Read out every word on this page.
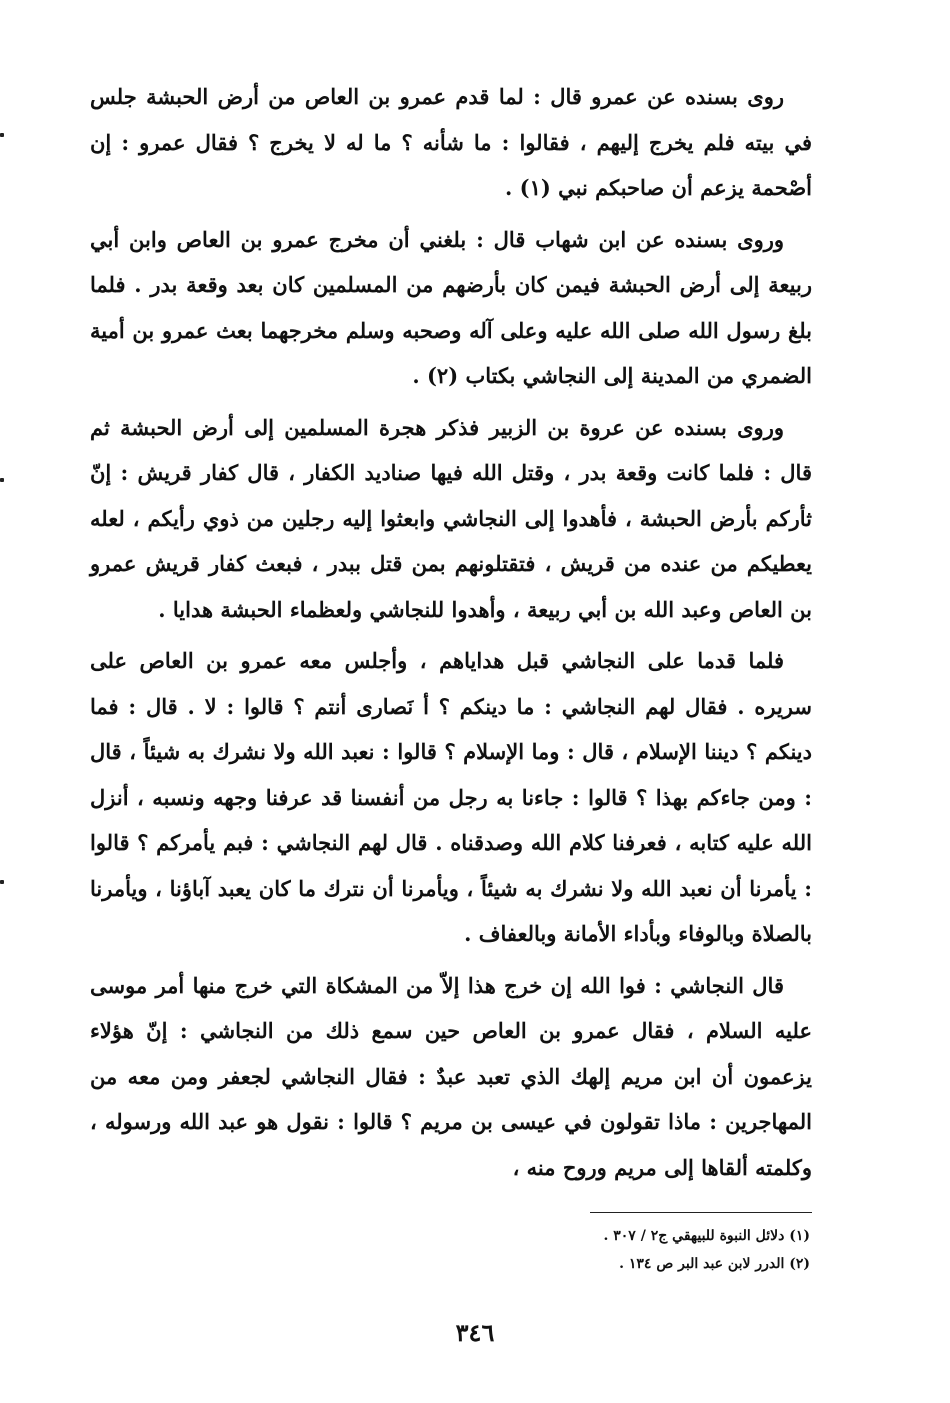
روى بسنده عن عمرو قال : لما قدم عمرو بن العاص من أرض الحبشة جلس في بيته فلم يخرج إليهم ، فقالوا : ما شأنه ؟ ما له لا يخرج ؟ فقال عمرو : إن أصْحمة يزعم أن صاحبكم نبي (١) .

وروى بسنده عن ابن شهاب قال : بلغني أن مخرج عمرو بن العاص وابن أبي ربيعة إلى أرض الحبشة فيمن كان بأرضهم من المسلمين كان بعد وقعة بدر . فلما بلغ رسول الله صلى الله عليه وعلى آله وصحبه وسلم مخرجهما بعث عمرو بن أمية الضمري من المدينة إلى النجاشي بكتاب (٢) .

وروى بسنده عن عروة بن الزبير فذكر هجرة المسلمين إلى أرض الحبشة ثم قال : فلما كانت وقعة بدر ، وقتل الله فيها صناديد الكفار ، قال كفار قريش : إنّ ثأركم بأرض الحبشة ، فأهدوا إلى النجاشي وابعثوا إليه رجلين من ذوي رأيكم ، لعله يعطيكم من عنده من قريش ، فتقتلونهم بمن قتل ببدر ، فبعث كفار قريش عمرو بن العاص وعبد الله بن أبي ربيعة ، وأهدوا للنجاشي ولعظماء الحبشة هدايا .

فلما قدما على النجاشي قبل هداياهم ، وأجلس معه عمرو بن العاص على سريره . فقال لهم النجاشي : ما دينكم ؟ أ نَصارى أنتم ؟ قالوا : لا . قال : فما دينكم ؟ ديننا الإسلام ، قال : وما الإسلام ؟ قالوا : نعبد الله ولا نشرك به شيئاً ، قال : ومن جاءكم بهذا ؟ قالوا : جاءنا به رجل من أنفسنا قد عرفنا وجهه ونسبه ، أنزل الله عليه كتابه ، فعرفنا كلام الله وصدقناه . قال لهم النجاشي : فبم يأمركم ؟ قالوا : يأمرنا أن نعبد الله ولا نشرك به شيئاً ، ويأمرنا أن نترك ما كان يعبد آباؤنا ، ويأمرنا بالصلاة وبالوفاء وبأداء الأمانة وبالعفاف .

قال النجاشي : فوا الله إن خرج هذا إلاّ من المشكاة التي خرج منها أمر موسى عليه السلام ، فقال عمرو بن العاص حين سمع ذلك من النجاشي : إنّ هؤلاء يزعمون أن ابن مريم إلهك الذي تعبد عبدٌ : فقال النجاشي لجعفر ومن معه من المهاجرين : ماذا تقولون في عيسى بن مريم ؟ قالوا : نقول هو عبد الله ورسوله ، وكلمته ألقاها إلى مريم وروح منه ،

(١) دلائل النبوة للبيهقي ج٢ / ٣٠٧ .

(٢) الدرر لابن عبد البر ص ١٣٤ .

٣٤٦
